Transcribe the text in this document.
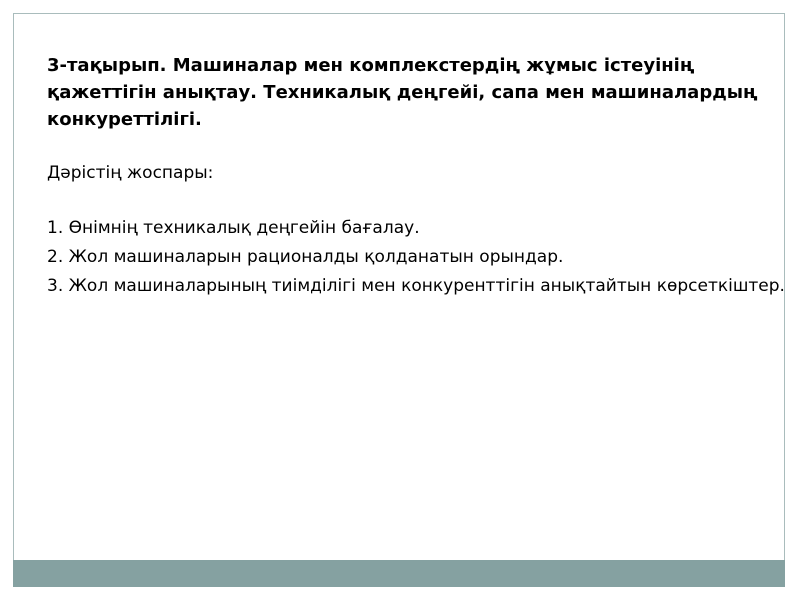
3-тақырып. Машиналар мен комплекстердің жұмыс істеуінің қажеттігін анықтау. Техникалық деңгейі, сапа мен машиналардың конкуреттілігі.

Дәрістің жоспары:

1. Өнімнің техникалық деңгейін бағалау.
2. Жол машиналарын рационалды қолданатын орындар.
3. Жол машиналарының тиімділігі мен конкуренттігін анықтайтын көрсеткіштер.
